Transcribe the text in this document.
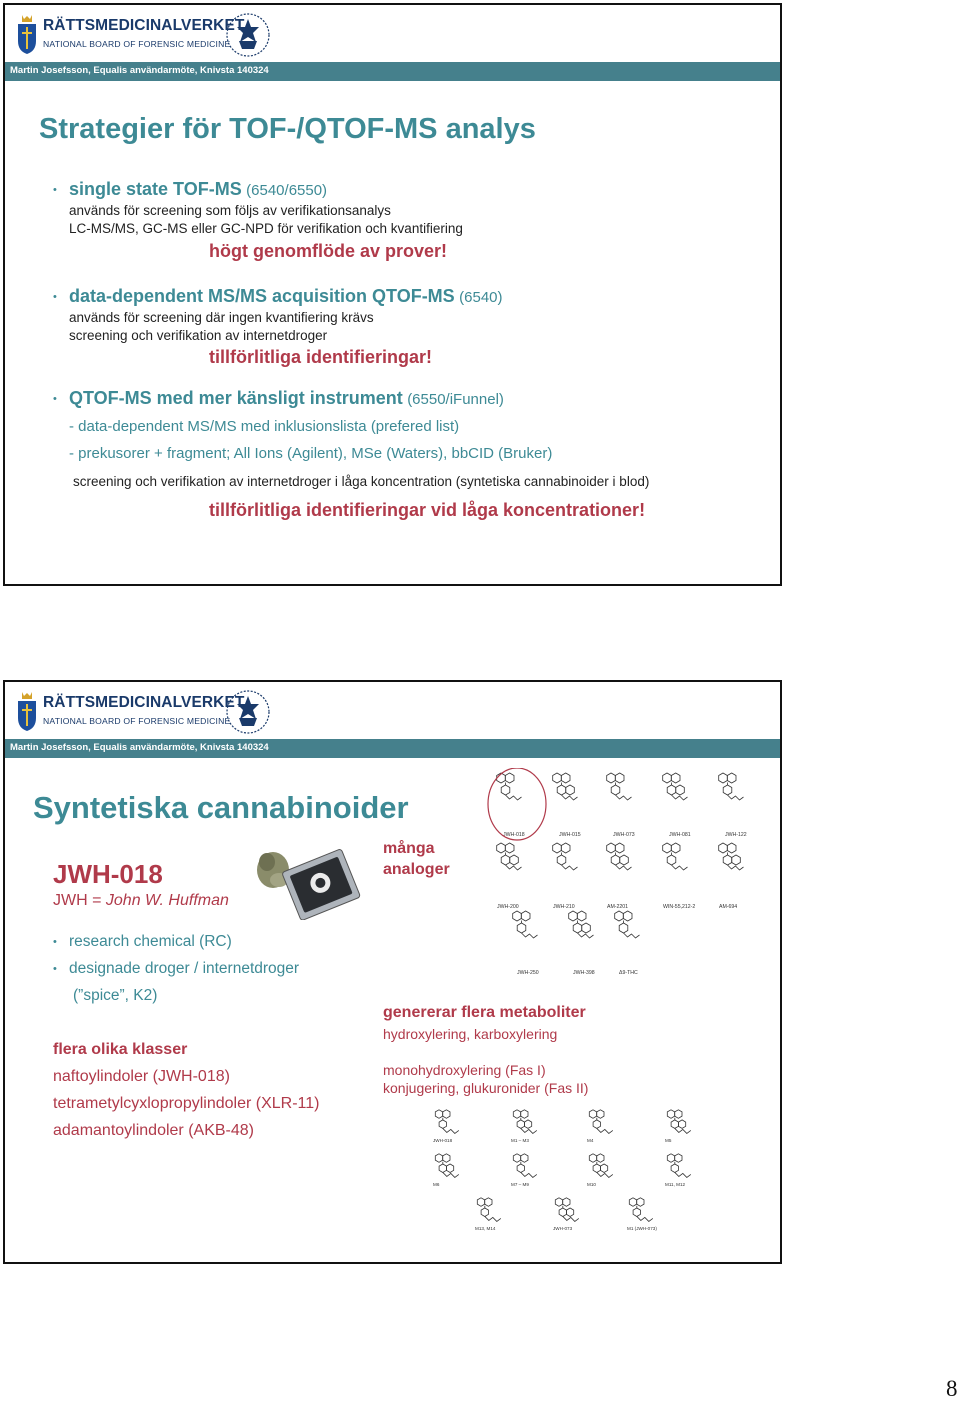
RÄTTSMEDICINALVERKET
NATIONAL BOARD OF FORENSIC MEDICINE
Martin Josefsson, Equalis användarmöte, Knivsta 140324
Strategier för TOF-/QTOF-MS analys
• single state TOF-MS (6540/6550)
används för screening som följs av verifikationsanalys
LC-MS/MS, GC-MS eller GC-NPD för verifikation och kvantifiering
högt genomflöde av prover!
• data-dependent MS/MS acquisition QTOF-MS (6540)
används för screening där ingen kvantifiering krävs
screening och verifikation av internetdroger
tillförlitliga identifieringar!
• QTOF-MS med mer känsligt instrument (6550/iFunnel)
- data-dependent MS/MS med inklusionslista (prefered list)
- prekusorer + fragment; All Ions (Agilent), MSe (Waters), bbCID (Bruker)
screening och verifikation av internetdroger i låga koncentration (syntetiska cannabinoider i blod)
tillförlitliga identifieringar vid låga koncentrationer!
RÄTTSMEDICINALVERKET
NATIONAL BOARD OF FORENSIC MEDICINE
Martin Josefsson, Equalis användarmöte, Knivsta 140324
Syntetiska cannabinoider
JWH-018
JWH = John W. Huffman
• research chemical (RC)
• designade droger / internetdroger
(”spice”, K2)
flera olika klasser
naftoylindoler (JWH-018)
tetrametylcyxlopropylindoler (XLR-11)
adamantoylindoler (AKB-48)
många analoger
genererar flera metaboliter
hydroxylering, karboxylering
monohydroxylering (Fas I)
konjugering, glukuronider (Fas II)
JWH-018	JWH-015	JWH-073	JWH-081	JWH-122
JWH-200	JWH-210	AM-2201	WIN-55,212-2	AM-694
JWH-250	JWH-398	Δ9-THC
JWH-018	M1 – M3	M4	M5
M6	M7 – M9	M10	M11, M12
M13, M14	JWH-073	M1 (JWH-073)
8
